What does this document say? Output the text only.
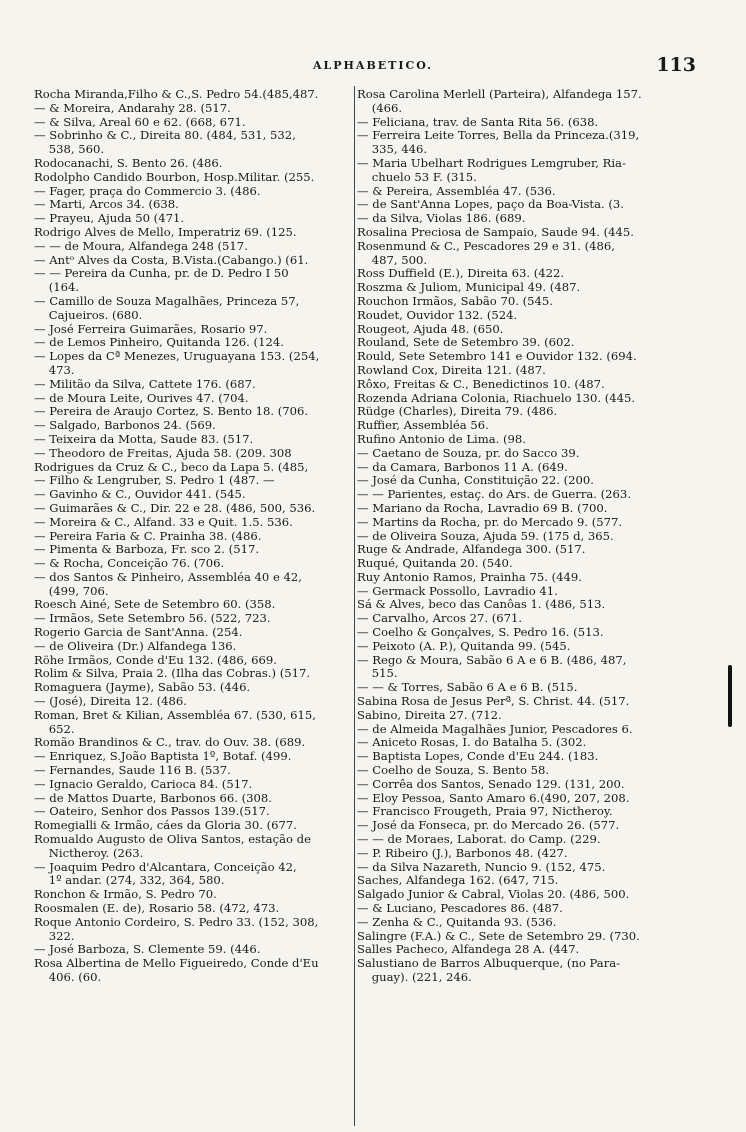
ALPHABETICO.	113
Rocha Miranda,Filho & C.,S. Pedro 54.(485,487.
— & Moreira, Andarahy 28. (517.
— & Silva, Areal 60 e 62. (668, 671.
— Sobrinho & C., Direita 80. (484, 531, 532,
538, 560.
Rodocanachi, S. Bento 26. (486.
Rodolpho Candido Bourbon, Hosp.Militar. (255.
— Fager, praça do Commercio 3. (486.
— Marti, Arcos 34. (638.
— Prayeu, Ajuda 50 (471.
Rodrigo Alves de Mello, Imperatriz 69. (125.
— — de Moura, Alfandega 248 (517.
— Antᵒ Alves da Costa, B.Vista.(Cabango.) (61.
— — Pereira da Cunha, pr. de D. Pedro I 50
(164.
— Camillo de Souza Magalhães, Princeza 57,
Cajueiros. (680.
— José Ferreira Guimarães, Rosario 97.
— de Lemos Pinheiro, Quitanda 126. (124.
— Lopes da Cª Menezes, Uruguayana 153. (254,
473.
— Militão da Silva, Cattete 176. (687.
— de Moura Leite, Ourives 47. (704.
— Pereira de Araujo Cortez, S. Bento 18. (706.
— Salgado, Barbonos 24. (569.
— Teixeira da Motta, Saude 83. (517.
— Theodoro de Freitas, Ajuda 58. (209. 308
Rodrigues da Cruz & C., beco da Lapa 5. (485,
— Filho & Lengruber, S. Pedro 1 (487. —
— Gavinho & C., Ouvidor 441. (545.
— Guimarães & C., Dir. 22 e 28. (486, 500, 536.
— Moreira & C., Alfand. 33 e Quit. 1.5. 536.
— Pereira Faria & C. Prainha 38. (486.
— Pimenta & Barboza, Fr. sco 2. (517.
— & Rocha, Conceição 76. (706.
— dos Santos & Pinheiro, Assembléa 40 e 42,
(499, 706.
Roesch Ainé, Sete de Setembro 60. (358.
— Irmãos, Sete Setembro 56. (522, 723.
Rogerio Garcia de Sant'Anna. (254.
— de Oliveira (Dr.) Alfandega 136.
Röhe Irmãos, Conde d'Eu 132. (486, 669.
Rolim & Silva, Praia 2. (Ilha das Cobras.) (517.
Romaguera (Jayme), Sabão 53. (446.
— (José), Direita 12. (486.
Roman, Bret & Kilian, Assembléa 67. (530, 615,
652.
Romão Brandinos & C., trav. do Ouv. 38. (689.
— Enriquez, S.João Baptista 1º, Botaf. (499.
— Fernandes, Saude 116 B. (537.
— Ignacio Geraldo, Carioca 84. (517.
— de Mattos Duarte, Barbonos 66. (308.
— Oateiro, Senhor dos Passos 139.(517.
Romegialli & Irmão, cáes da Gloria 30. (677.
Romualdo Augusto de Oliva Santos, estação de
Nictheroy. (263.
— Joaquim Pedro d'Alcantara, Conceição 42,
1º andar. (274, 332, 364, 580.
Ronchon & Irmão, S. Pedro 70.
Roosmalen (E. de), Rosario 58. (472, 473.
Roque Antonio Cordeiro, S. Pedro 33. (152, 308,
322.
— José Barboza, S. Clemente 59. (446.
Rosa Albertina de Mello Figueiredo, Conde d'Eu
406. (60.
Rosa Carolina Merlell (Parteira), Alfandega 157.
(466.
— Feliciana, trav. de Santa Rita 56. (638.
— Ferreira Leite Torres, Bella da Princeza.(319,
335, 446.
— Maria Ubelhart Rodrigues Lemgruber, Ria-
chuelo 53 F. (315.
— & Pereira, Assembléa 47. (536.
— de Sant'Anna Lopes, paço da Boa-Vista. (3.
— da Silva, Violas 186. (689.
Rosalina Preciosa de Sampaio, Saude 94. (445.
Rosenmund & C., Pescadores 29 e 31. (486,
487, 500.
Ross Duffield (E.), Direita 63. (422.
Roszma & Juliom, Municipal 49. (487.
Rouchon Irmãos, Sabão 70. (545.
Roudet, Ouvidor 132. (524.
Rougeot, Ajuda 48. (650.
Rouland, Sete de Setembro 39. (602.
Rould, Sete Setembro 141 e Ouvidor 132. (694.
Rowland Cox, Direita 121. (487.
Rôxo, Freitas & C., Benedictinos 10. (487.
Rozenda Adriana Colonia, Riachuelo 130. (445.
Rüdge (Charles), Direita 79. (486.
Ruffier, Assembléa 56.
Rufino Antonio de Lima. (98.
— Caetano de Souza, pr. do Sacco 39.
— da Camara, Barbonos 11 A. (649.
— José da Cunha, Constituição 22. (200.
— — Parientes, estaç. do Ars. de Guerra. (263.
— Mariano da Rocha, Lavradio 69 B. (700.
— Martins da Rocha, pr. do Mercado 9. (577.
— de Oliveira Souza, Ajuda 59. (175 d, 365.
Ruge & Andrade, Alfandega 300. (517.
Ruqué, Quitanda 20. (540.
Ruy Antonio Ramos, Prainha 75. (449.
— Germack Possollo, Lavradio 41.
Sá & Alves, beco das Canôas 1. (486, 513.
— Carvalho, Arcos 27. (671.
— Coelho & Gonçalves, S. Pedro 16. (513.
— Peixoto (A. P.), Quitanda 99. (545.
— Rego & Moura, Sabão 6 A e 6 B. (486, 487,
515.
— — & Torres, Sabão 6 A e 6 B. (515.
Sabina Rosa de Jesus Perª, S. Christ. 44. (517.
Sabino, Direita 27. (712.
— de Almeida Magalhães Junior, Pescadores 6.
— Aniceto Rosas, I. do Batalha 5. (302.
— Baptista Lopes, Conde d'Eu 244. (183.
— Coelho de Souza, S. Bento 58.
— Corrêa dos Santos, Senado 129. (131, 200.
— Eloy Pessoa, Santo Amaro 6.(490, 207, 208.
— Francisco Frougeth, Praia 97, Nictheroy.
— José da Fonseca, pr. do Mercado 26. (577.
— — de Moraes, Laborat. do Camp. (229.
— P. Ribeiro (J.), Barbonos 48. (427.
— da Silva Nazareth, Nuncio 9. (152, 475.
Saches, Alfandega 162. (647, 715.
Salgado Junior & Cabral, Violas 20. (486, 500.
— & Luciano, Pescadores 86. (487.
— Zenha & C., Quitanda 93. (536.
Salingre (F.A.) & C., Sete de Setembro 29. (730.
Salles Pacheco, Alfandega 28 A. (447.
Salustiano de Barros Albuquerque, (no Para-
guay). (221, 246.
